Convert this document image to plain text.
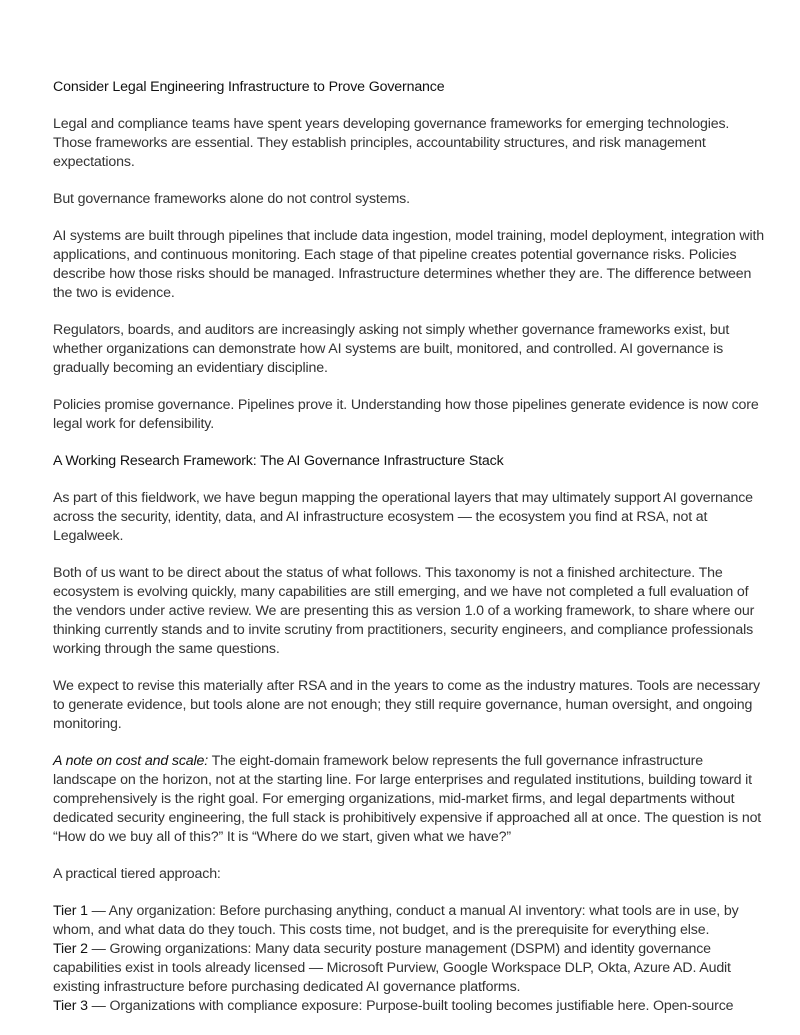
Consider Legal Engineering Infrastructure to Prove Governance

Legal and compliance teams have spent years developing governance frameworks for emerging technologies. Those frameworks are essential. They establish principles, accountability structures, and risk management expectations.

But governance frameworks alone do not control systems.

AI systems are built through pipelines that include data ingestion, model training, model deployment, integration with applications, and continuous monitoring. Each stage of that pipeline creates potential governance risks. Policies describe how those risks should be managed. Infrastructure determines whether they are. The difference between the two is evidence.

Regulators, boards, and auditors are increasingly asking not simply whether governance frameworks exist, but whether organizations can demonstrate how AI systems are built, monitored, and controlled. AI governance is gradually becoming an evidentiary discipline.

Policies promise governance. Pipelines prove it. Understanding how those pipelines generate evidence is now core legal work for defensibility.

A Working Research Framework: The AI Governance Infrastructure Stack

As part of this fieldwork, we have begun mapping the operational layers that may ultimately support AI governance across the security, identity, data, and AI infrastructure ecosystem — the ecosystem you find at RSA, not at Legalweek.

Both of us want to be direct about the status of what follows. This taxonomy is not a finished architecture. The ecosystem is evolving quickly, many capabilities are still emerging, and we have not completed a full evaluation of the vendors under active review. We are presenting this as version 1.0 of a working framework, to share where our thinking currently stands and to invite scrutiny from practitioners, security engineers, and compliance professionals working through the same questions.

We expect to revise this materially after RSA and in the years to come as the industry matures. Tools are necessary to generate evidence, but tools alone are not enough; they still require governance, human oversight, and ongoing monitoring.

A note on cost and scale: The eight-domain framework below represents the full governance infrastructure landscape on the horizon, not at the starting line. For large enterprises and regulated institutions, building toward it comprehensively is the right goal. For emerging organizations, mid-market firms, and legal departments without dedicated security engineering, the full stack is prohibitively expensive if approached all at once. The question is not “How do we buy all of this?” It is “Where do we start, given what we have?”

A practical tiered approach:

Tier 1 — Any organization: Before purchasing anything, conduct a manual AI inventory: what tools are in use, by whom, and what data do they touch. This costs time, not budget, and is the prerequisite for everything else.

Tier 2 — Growing organizations: Many data security posture management (DSPM) and identity governance capabilities exist in tools already licensed — Microsoft Purview, Google Workspace DLP, Okta, Azure AD. Audit existing infrastructure before purchasing dedicated AI governance platforms.

Tier 3 — Organizations with compliance exposure: Purpose-built tooling becomes justifiable here. Open-source
